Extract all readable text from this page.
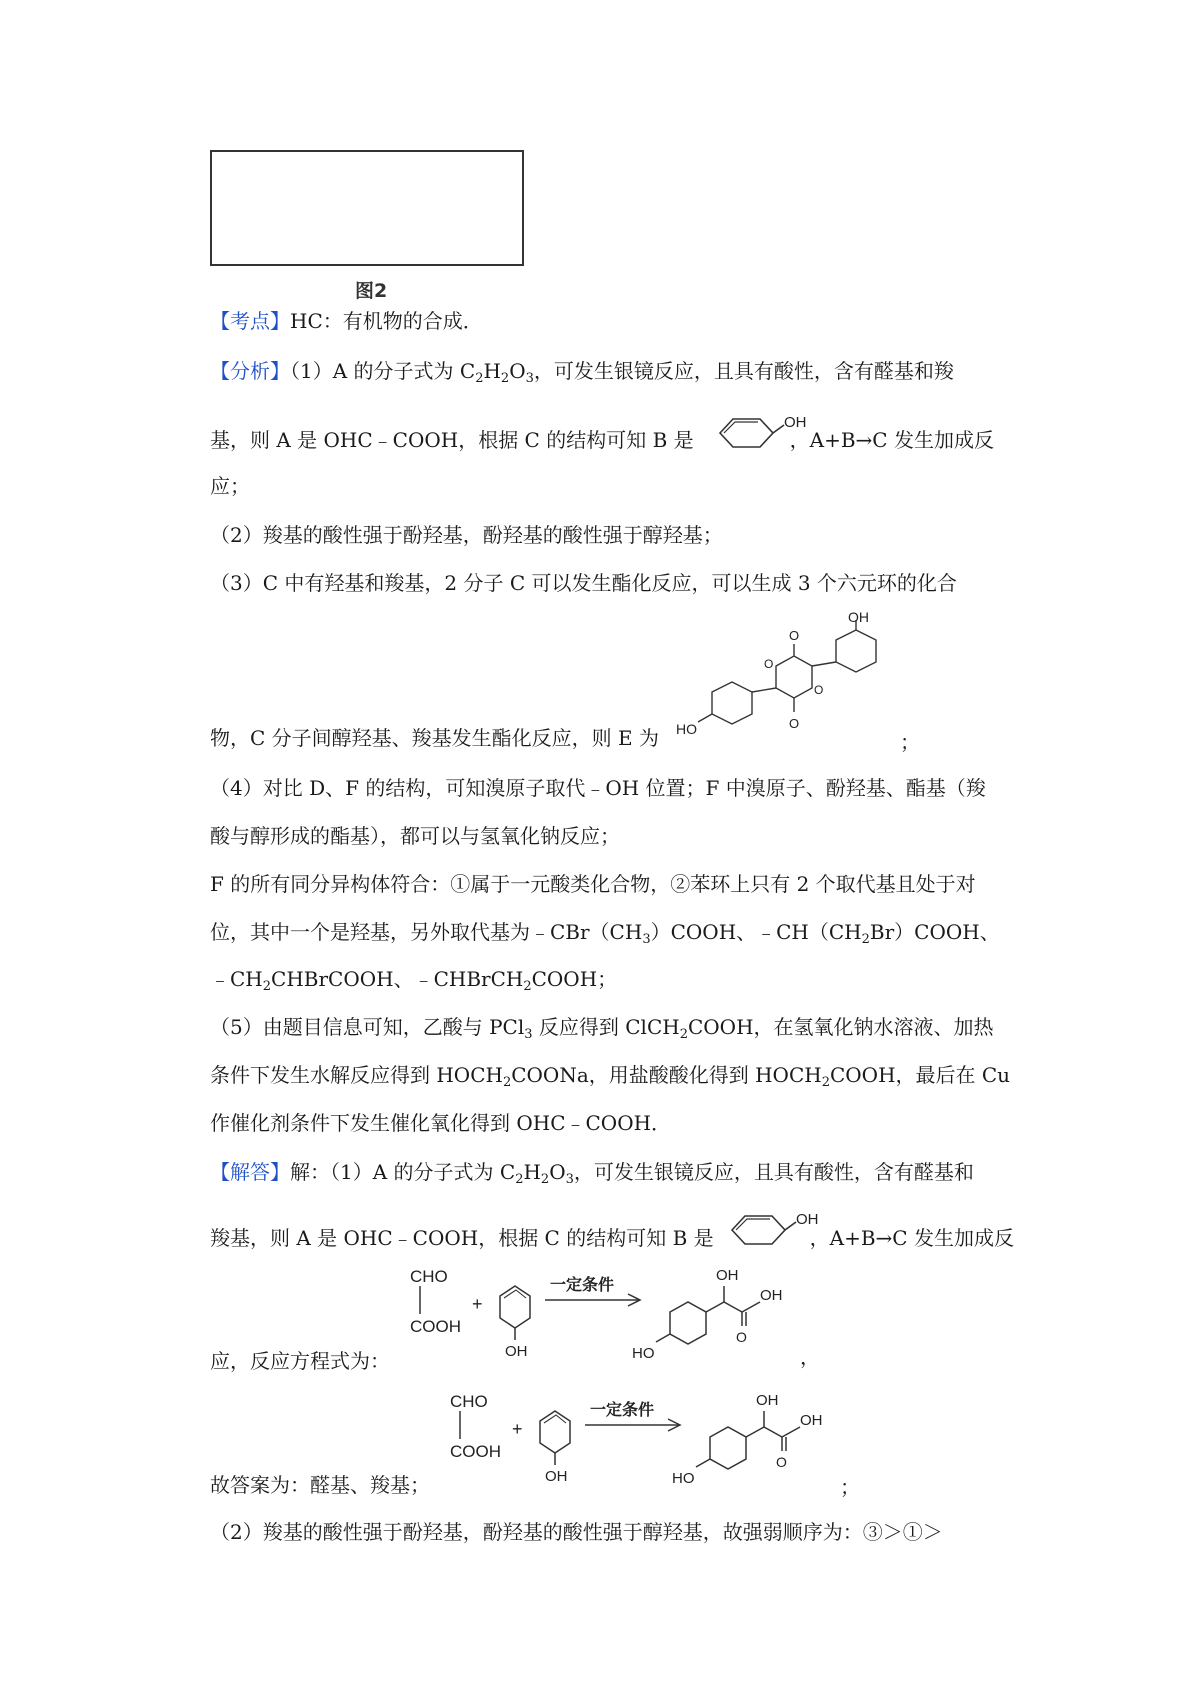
图2
【考点】HC：有机物的合成．
【分析】（1）A 的分子式为 $C_2H_2O_3$，可发生银镜反应，且具有酸性，含有醛基和羧
基，则 A 是 OHC﹣COOH，根据 C 的结构可知 B 是	，A+B→C 发生加成反
OH
应；
（2）羧基的酸性强于酚羟基，酚羟基的酸性强于醇羟基；
（3）C 中有羟基和羧基，2 分子 C 可以发生酯化反应，可以生成 3 个六元环的化合
OH
O
O
O
O
HO
物，C 分子间醇羟基、羧基发生酯化反应，则 E 为	；
（4）对比 D、F 的结构，可知溴原子取代﹣OH 位置；F 中溴原子、酚羟基、酯基（羧
酸与醇形成的酯基），都可以与氢氧化钠反应；
F 的所有同分异构体符合：①属于一元酸类化合物，②苯环上只有 2 个取代基且处于对
位，其中一个是羟基，另外取代基为$﹣CBr(CH_3)COOH$、$﹣CH(CH_2Br)COOH$、
$﹣CH_2CHBrCOOH$、﹣CHBrCH$_2$COOH；
（5）由题目信息可知，乙酸与 PCl$_3$ 反应得到 ClCH$_2$COOH，在氢氧化钠水溶液、加热
条件下发生水解反应得到 $HOCH_2COONa$，用盐酸酸化得到 $HOCH_2COOH$，最后在 Cu
作催化剂条件下发生催化氧化得到 OHC﹣COOH．
【解答】解：（1）A 的分子式为 $C_2H_2O_3$，可发生银镜反应，且具有酸性，含有醛基和
羧基，则 A 是 OHC﹣COOH，根据 C 的结构可知 B 是	，A+B→C 发生加成反
OH
CHO
COOH
+
OH
一定条件
HO
OH
OH
O
应，反应方程式为：	，
CHO
COOH
+
OH
一定条件
HO
OH
OH
O
故答案为：醛基、羧基；	；
（2）羧基的酸性强于酚羟基，酚羟基的酸性强于醇羟基，故强弱顺序为：③＞①＞
